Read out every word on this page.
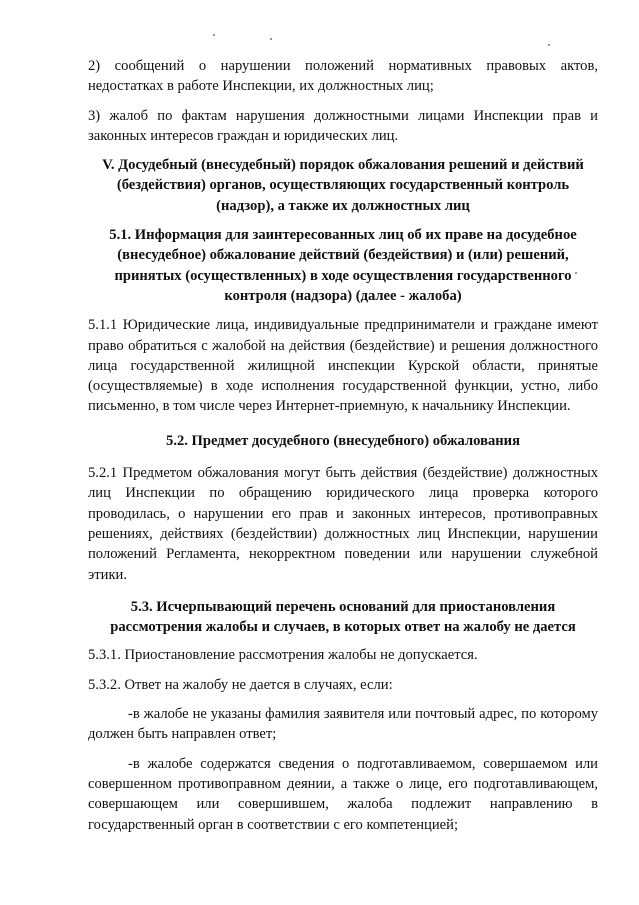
2) сообщений о нарушении положений нормативных правовых актов, недостатках в работе Инспекции, их должностных лиц;

3) жалоб по фактам нарушения должностными лицами Инспекции прав и законных интересов граждан и юридических лиц.

V. Досудебный (внесудебный) порядок обжалования решений и действий (бездействия) органов, осуществляющих государственный контроль (надзор), а также их должностных лиц
5.1. Информация для заинтересованных лиц об их праве на досудебное (внесудебное) обжалование действий (бездействия) и (или) решений, принятых (осуществленных) в ходе осуществления государственного контроля (надзора) (далее - жалоба)

5.1.1 Юридические лица, индивидуальные предприниматели и граждане имеют право обратиться с жалобой на действия (бездействие) и решения должностного лица государственной жилищной инспекции Курской области, принятые (осуществляемые) в ходе исполнения государственной функции, устно, либо письменно, в том числе через Интернет-приемную, к начальнику Инспекции.

5.2. Предмет досудебного (внесудебного) обжалования

5.2.1 Предметом обжалования могут быть действия (бездействие) должностных лиц Инспекции по обращению юридического лица проверка которого проводилась, о нарушении его прав и законных интересов, противоправных решениях, действиях (бездействии) должностных лиц Инспекции, нарушении положений Регламента, некорректном поведении или нарушении служебной этики.

5.3. Исчерпывающий перечень оснований для приостановления рассмотрения жалобы и случаев, в которых ответ на жалобу не дается

5.3.1. Приостановление рассмотрения жалобы не допускается.

5.3.2. Ответ на жалобу не дается в случаях, если:

-в жалобе не указаны фамилия заявителя или почтовый адрес, по которому должен быть направлен ответ;

-в жалобе содержатся сведения о подготавливаемом, совершаемом или совершенном противоправном деянии, а также о лице, его подготавливающем, совершающем или совершившем, жалоба подлежит направлению в государственный орган в соответствии с его компетенцией;
